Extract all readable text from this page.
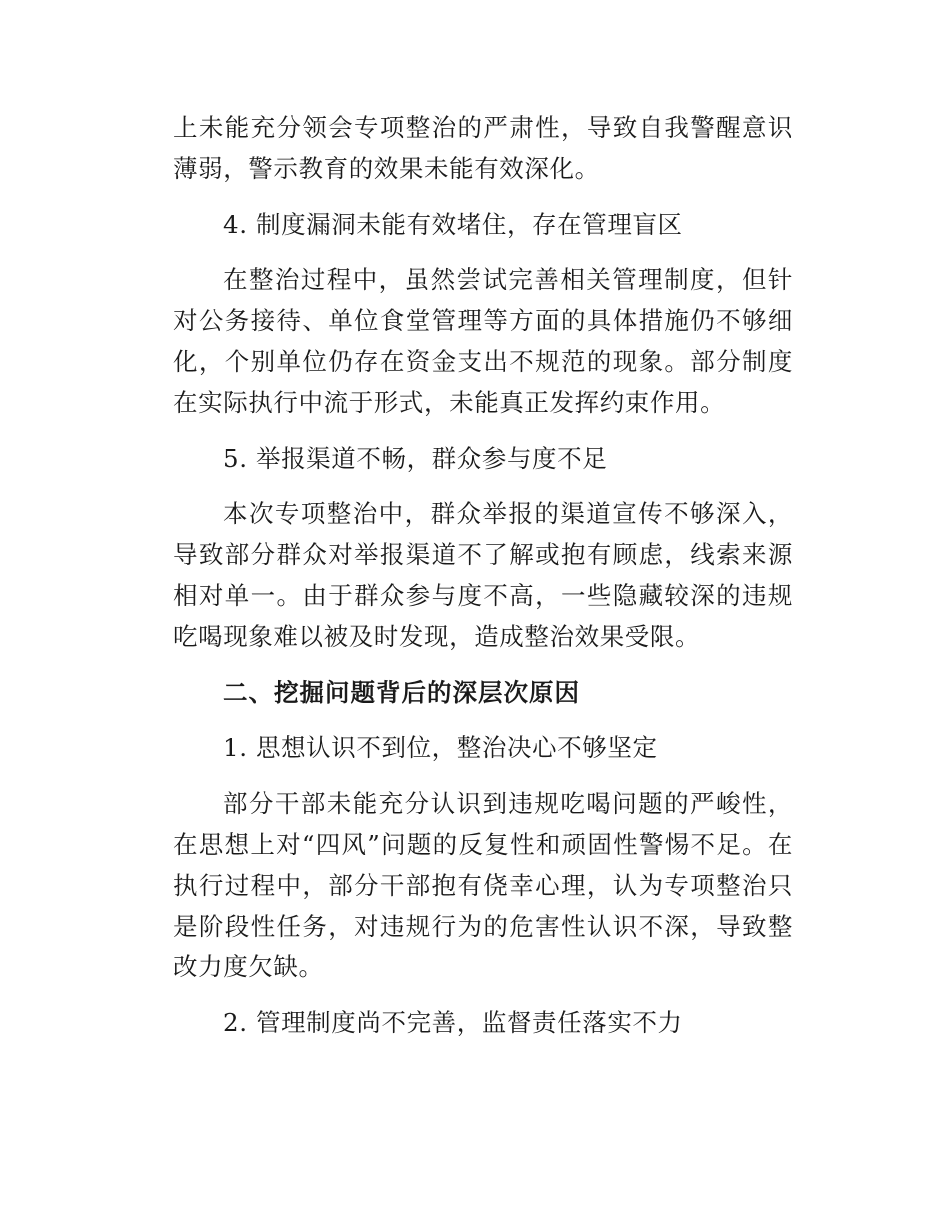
上未能充分领会专项整治的严肃性，导致自我警醒意识薄弱，警示教育的效果未能有效深化。

4. 制度漏洞未能有效堵住，存在管理盲区

在整治过程中，虽然尝试完善相关管理制度，但针对公务接待、单位食堂管理等方面的具体措施仍不够细化，个别单位仍存在资金支出不规范的现象。部分制度在实际执行中流于形式，未能真正发挥约束作用。

5. 举报渠道不畅，群众参与度不足

本次专项整治中，群众举报的渠道宣传不够深入，导致部分群众对举报渠道不了解或抱有顾虑，线索来源相对单一。由于群众参与度不高，一些隐藏较深的违规吃喝现象难以被及时发现，造成整治效果受限。

二、挖掘问题背后的深层次原因

1. 思想认识不到位，整治决心不够坚定

部分干部未能充分认识到违规吃喝问题的严峻性，在思想上对“四风”问题的反复性和顽固性警惕不足。在执行过程中，部分干部抱有侥幸心理，认为专项整治只是阶段性任务，对违规行为的危害性认识不深，导致整改力度欠缺。

2. 管理制度尚不完善，监督责任落实不力
